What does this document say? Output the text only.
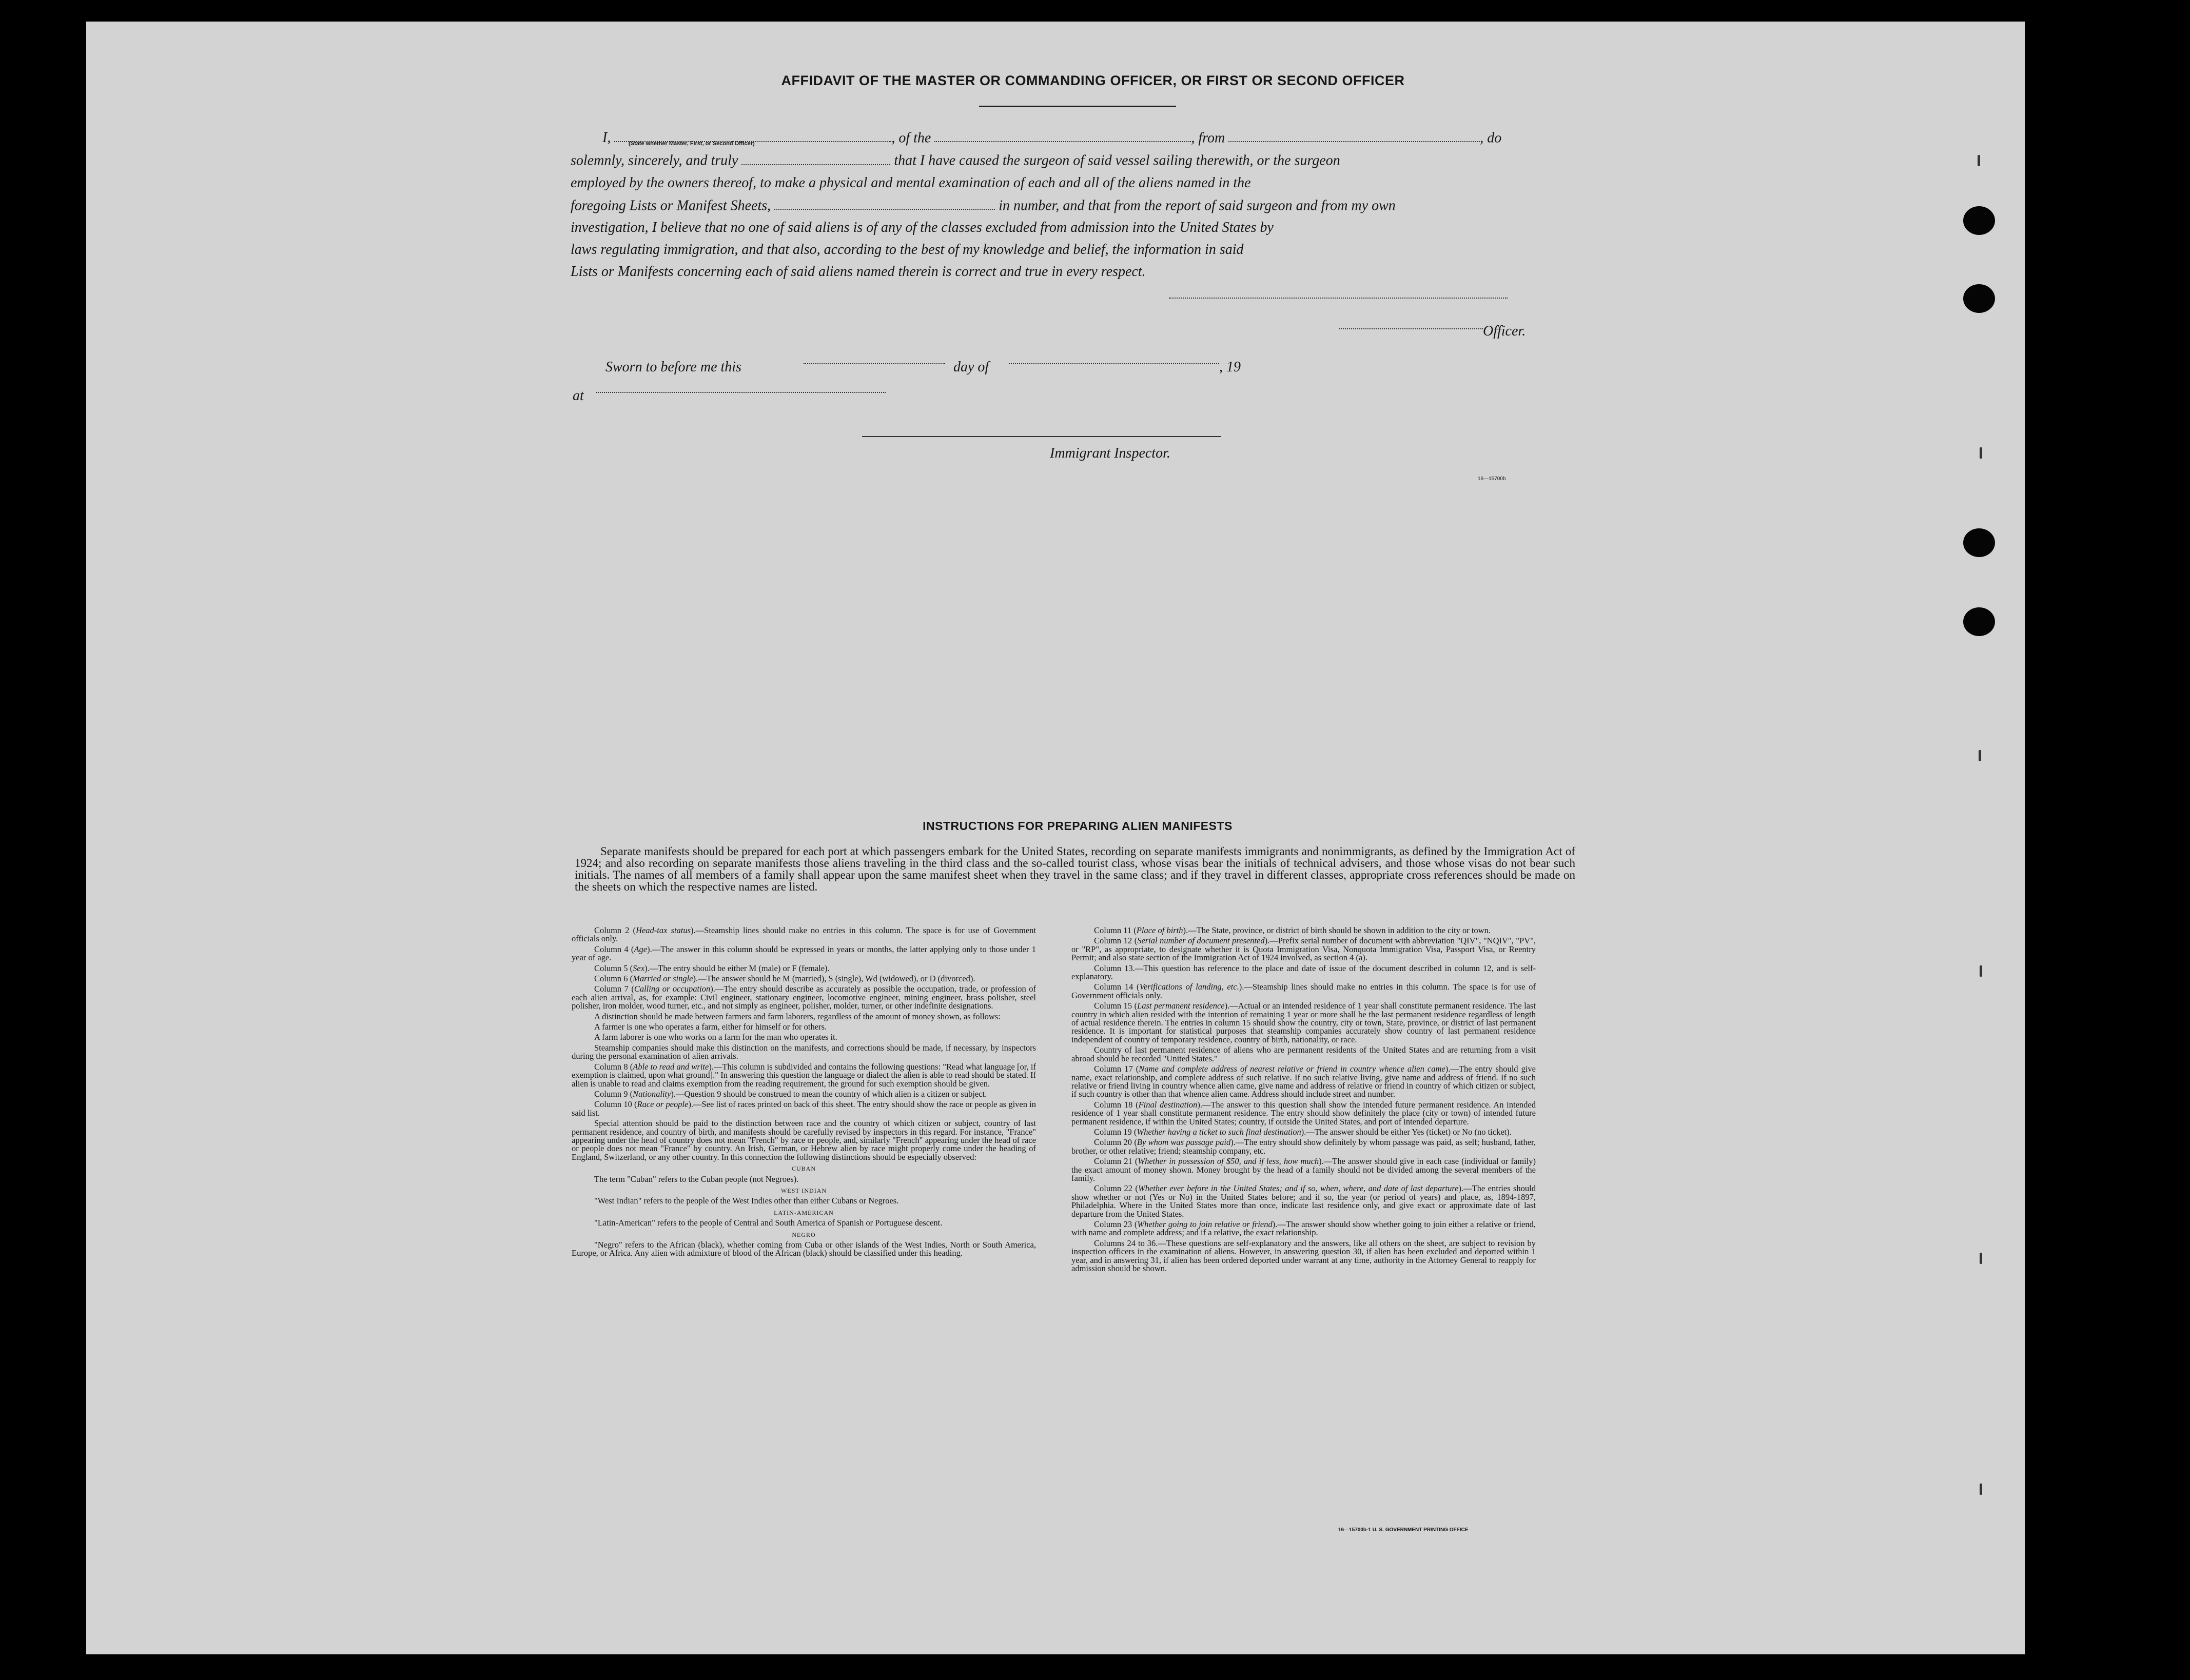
AFFIDAVIT OF THE MASTER OR COMMANDING OFFICER, OR FIRST OR SECOND OFFICER

I,	, of the	, from	, do

solemnly, sincerely, and truly	that I have caused the surgeon of said vessel sailing therewith, or the surgeon

employed by the owners thereof, to make a physical and mental examination of each and all of the aliens named in the

foregoing Lists or Manifest Sheets,	in number, and that from the report of said surgeon and from my own

investigation, I believe that no one of said aliens is of any of the classes excluded from admission into the United States by

laws regulating immigration, and that also, according to the best of my knowledge and belief, the information in said

Lists or Manifests concerning each of said aliens named therein is correct and true in every respect.

(State whether Master, First, or Second Officer)
Officer.
Sworn to before me this	day of	, 19
at
Immigrant Inspector.
16—15700b
INSTRUCTIONS FOR PREPARING ALIEN MANIFESTS
Separate manifests should be prepared for each port at which passengers embark for the United States, recording on separate manifests immigrants and nonimmigrants, as defined by the Immigration Act of 1924; and also recording on separate manifests those aliens traveling in the third class and the so-called tourist class, whose visas bear the initials of technical advisers, and those whose visas do not bear such initials. The names of all members of a family shall appear upon the same manifest sheet when they travel in the same class; and if they travel in different classes, appropriate cross references should be made on the sheets on which the respective names are listed.

Column 2 (Head-tax status).—Steamship lines should make no entries in this column. The space is for use of Government officials only.

Column 4 (Age).—The answer in this column should be expressed in years or months, the latter applying only to those under 1 year of age.

Column 5 (Sex).—The entry should be either M (male) or F (female).

Column 6 (Married or single).—The answer should be M (married), S (single), Wd (widowed), or D (divorced).

Column 7 (Calling or occupation).—The entry should describe as accurately as possible the occupation, trade, or profession of each alien arrival, as, for example: Civil engineer, stationary engineer, locomotive engineer, mining engineer, brass polisher, steel polisher, iron molder, wood turner, etc., and not simply as engineer, polisher, molder, turner, or other indefinite designations.

A distinction should be made between farmers and farm laborers, regardless of the amount of money shown, as follows:

A farmer is one who operates a farm, either for himself or for others.

A farm laborer is one who works on a farm for the man who operates it.

Steamship companies should make this distinction on the manifests, and corrections should be made, if necessary, by inspectors during the personal examination of alien arrivals.

Column 8 (Able to read and write).—This column is subdivided and contains the following questions: "Read what language [or, if exemption is claimed, upon what ground]." In answering this question the language or dialect the alien is able to read should be stated. If alien is unable to read and claims exemption from the reading requirement, the ground for such exemption should be given.

Column 9 (Nationality).—Question 9 should be construed to mean the country of which alien is a citizen or subject.

Column 10 (Race or people).—See list of races printed on back of this sheet. The entry should show the race or people as given in said list.

Special attention should be paid to the distinction between race and the country of which citizen or subject, country of last permanent residence, and country of birth, and manifests should be carefully revised by inspectors in this regard. For instance, "France" appearing under the head of country does not mean "French" by race or people, and, similarly "French" appearing under the head of race or people does not mean "France" by country. An Irish, German, or Hebrew alien by race might properly come under the heading of England, Switzerland, or any other country. In this connection the following distinctions should be especially observed:

CUBAN

The term "Cuban" refers to the Cuban people (not Negroes).

WEST INDIAN

"West Indian" refers to the people of the West Indies other than either Cubans or Negroes.

LATIN-AMERICAN

"Latin-American" refers to the people of Central and South America of Spanish or Portuguese descent.

NEGRO

"Negro" refers to the African (black), whether coming from Cuba or other islands of the West Indies, North or South America, Europe, or Africa. Any alien with admixture of blood of the African (black) should be classified under this heading.

Column 11 (Place of birth).—The State, province, or district of birth should be shown in addition to the city or town.

Column 12 (Serial number of document presented).—Prefix serial number of document with abbreviation "QIV", "NQIV", "PV", or "RP", as appropriate, to designate whether it is Quota Immigration Visa, Nonquota Immigration Visa, Passport Visa, or Reentry Permit; and also state section of the Immigration Act of 1924 involved, as section 4 (a).

Column 13.—This question has reference to the place and date of issue of the document described in column 12, and is self-explanatory.

Column 14 (Verifications of landing, etc.).—Steamship lines should make no entries in this column. The space is for use of Government officials only.

Column 15 (Last permanent residence).—Actual or an intended residence of 1 year shall constitute permanent residence. The last country in which alien resided with the intention of remaining 1 year or more shall be the last permanent residence regardless of length of actual residence therein. The entries in column 15 should show the country, city or town, State, province, or district of last permanent residence. It is important for statistical purposes that steamship companies accurately show country of last permanent residence independent of country of temporary residence, country of birth, nationality, or race.

Country of last permanent residence of aliens who are permanent residents of the United States and are returning from a visit abroad should be recorded "United States."

Column 17 (Name and complete address of nearest relative or friend in country whence alien came).—The entry should give name, exact relationship, and complete address of such relative. If no such relative living, give name and address of friend. If no such relative or friend living in country whence alien came, give name and address of relative or friend in country of which citizen or subject, if such country is other than that whence alien came. Address should include street and number.

Column 18 (Final destination).—The answer to this question shall show the intended future permanent residence. An intended residence of 1 year shall constitute permanent residence. The entry should show definitely the place (city or town) of intended future permanent residence, if within the United States; country, if outside the United States, and port of intended departure.

Column 19 (Whether having a ticket to such final destination).—The answer should be either Yes (ticket) or No (no ticket).

Column 20 (By whom was passage paid).—The entry should show definitely by whom passage was paid, as self; husband, father, brother, or other relative; friend; steamship company, etc.

Column 21 (Whether in possession of $50, and if less, how much).—The answer should give in each case (individual or family) the exact amount of money shown. Money brought by the head of a family should not be divided among the several members of the family.

Column 22 (Whether ever before in the United States; and if so, when, where, and date of last departure).—The entries should show whether or not (Yes or No) in the United States before; and if so, the year (or period of years) and place, as, 1894-1897, Philadelphia. Where in the United States more than once, indicate last residence only, and give exact or approximate date of last departure from the United States.

Column 23 (Whether going to join relative or friend).—The answer should show whether going to join either a relative or friend, with name and complete address; and if a relative, the exact relationship.

Columns 24 to 36.—These questions are self-explanatory and the answers, like all others on the sheet, are subject to revision by inspection officers in the examination of aliens. However, in answering question 30, if alien has been excluded and deported within 1 year, and in answering 31, if alien has been ordered deported under warrant at any time, authority in the Attorney General to reapply for admission should be shown.

16—15700b-1 U. S. GOVERNMENT PRINTING OFFICE
